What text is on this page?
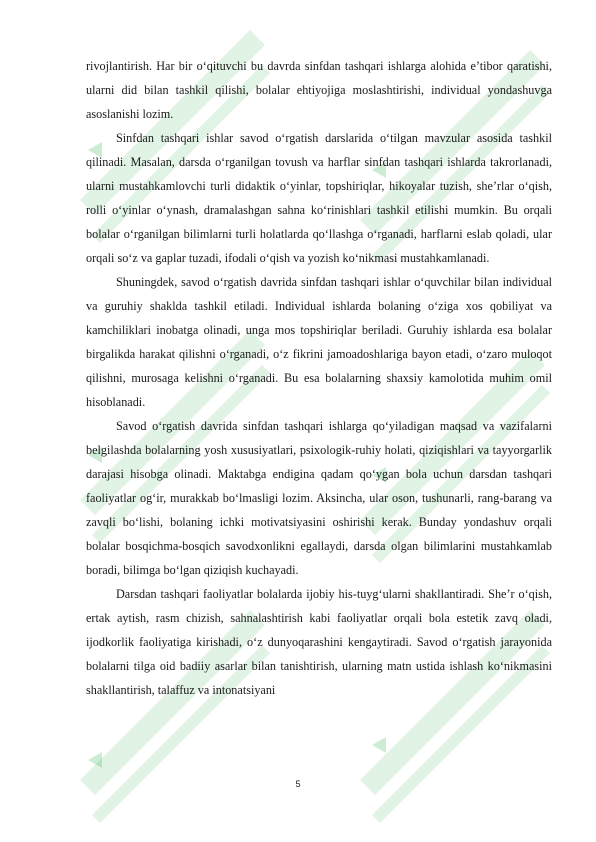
rivojlantirish. Har bir o‘qituvchi bu davrda sinfdan tashqari ishlarga alohida e’tibor qaratishi, ularni did bilan tashkil qilishi, bolalar ehtiyojiga moslashtirishi, individual yondashuvga asoslanishi lozim.

Sinfdan tashqari ishlar savod o‘rgatish darslarida o‘tilgan mavzular asosida tashkil qilinadi. Masalan, darsda o‘rganilgan tovush va harflar sinfdan tashqari ishlarda takrorlanadi, ularni mustahkamlovchi turli didaktik o‘yinlar, topshiriqlar, hikoyalar tuzish, she’rlar o‘qish, rolli o‘yinlar o‘ynash, dramalashgan sahna ko‘rinishlari tashkil etilishi mumkin. Bu orqali bolalar o‘rganilgan bilimlarni turli holatlarda qo‘llashga o‘rganadi, harflarni eslab qoladi, ular orqali so‘z va gaplar tuzadi, ifodali o‘qish va yozish ko‘nikmasi mustahkamlanadi.

Shuningdek, savod o‘rgatish davrida sinfdan tashqari ishlar o‘quvchilar bilan individual va guruhiy shaklda tashkil etiladi. Individual ishlarda bolaning o‘ziga xos qobiliyat va kamchiliklari inobatga olinadi, unga mos topshiriqlar beriladi. Guruhiy ishlarda esa bolalar birgalikda harakat qilishni o‘rganadi, o‘z fikrini jamoadoshlariga bayon etadi, o‘zaro muloqot qilishni, murosaga kelishni o‘rganadi. Bu esa bolalarning shaxsiy kamolotida muhim omil hisoblanadi.

Savod o‘rgatish davrida sinfdan tashqari ishlarga qo‘yiladigan maqsad va vazifalarni belgilashda bolalarning yosh xususiyatlari, psixologik-ruhiy holati, qiziqishlari va tayyorgarlik darajasi hisobga olinadi. Maktabga endigina qadam qo‘ygan bola uchun darsdan tashqari faoliyatlar og‘ir, murakkab bo‘lmasligi lozim. Aksincha, ular oson, tushunarli, rang-barang va zavqli bo‘lishi, bolaning ichki motivatsiyasini oshirishi kerak. Bunday yondashuv orqali bolalar bosqichma-bosqich savodxonlikni egallaydi, darsda olgan bilimlarini mustahkamlab boradi, bilimga bo‘lgan qiziqish kuchayadi.

Darsdan tashqari faoliyatlar bolalarda ijobiy his-tuyg‘ularni shakllantiradi. She’r o‘qish, ertak aytish, rasm chizish, sahnalashtirish kabi faoliyatlar orqali bola estetik zavq oladi, ijodkorlik faoliyatiga kirishadi, o‘z dunyoqarashini kengaytiradi. Savod o‘rgatish jarayonida bolalarni tilga oid badiiy asarlar bilan tanishtirish, ularning matn ustida ishlash ko‘nikmasini shakllantirish, talaffuz va intonatsiyani

5
